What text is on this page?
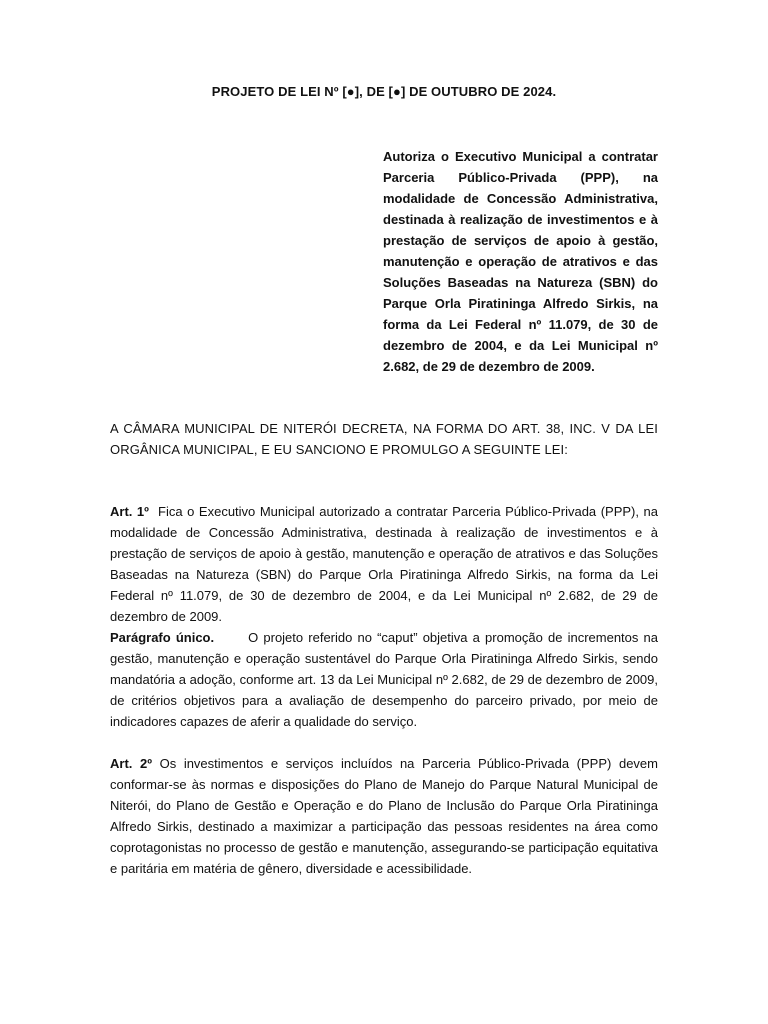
PROJETO DE LEI Nº [●], DE [●] DE OUTUBRO DE 2024.
Autoriza o Executivo Municipal a contratar Parceria Público-Privada (PPP), na modalidade de Concessão Administrativa, destinada à realização de investimentos e à prestação de serviços de apoio à gestão, manutenção e operação de atrativos e das Soluções Baseadas na Natureza (SBN) do Parque Orla Piratininga Alfredo Sirkis, na forma da Lei Federal nº 11.079, de 30 de dezembro de 2004, e da Lei Municipal nº 2.682, de 29 de dezembro de 2009.
A CÂMARA MUNICIPAL DE NITERÓI DECRETA, NA FORMA DO ART. 38, INC. V DA LEI ORGÂNICA MUNICIPAL, E EU SANCIONO E PROMULGO A SEGUINTE LEI:
Art. 1º Fica o Executivo Municipal autorizado a contratar Parceria Público-Privada (PPP), na modalidade de Concessão Administrativa, destinada à realização de investimentos e à prestação de serviços de apoio à gestão, manutenção e operação de atrativos e das Soluções Baseadas na Natureza (SBN) do Parque Orla Piratininga Alfredo Sirkis, na forma da Lei Federal nº 11.079, de 30 de dezembro de 2004, e da Lei Municipal nº 2.682, de 29 de dezembro de 2009.
Parágrafo único.	O projeto referido no “caput” objetiva a promoção de incrementos na gestão, manutenção e operação sustentável do Parque Orla Piratininga Alfredo Sirkis, sendo mandatória a adoção, conforme art. 13 da Lei Municipal nº 2.682, de 29 de dezembro de 2009, de critérios objetivos para a avaliação de desempenho do parceiro privado, por meio de indicadores capazes de aferir a qualidade do serviço.
Art. 2º Os investimentos e serviços incluídos na Parceria Público-Privada (PPP) devem conformar-se às normas e disposições do Plano de Manejo do Parque Natural Municipal de Niterói, do Plano de Gestão e Operação e do Plano de Inclusão do Parque Orla Piratininga Alfredo Sirkis, destinado a maximizar a participação das pessoas residentes na área como coprotagonistas no processo de gestão e manutenção, assegurando-se participação equitativa e paritária em matéria de gênero, diversidade e acessibilidade.
